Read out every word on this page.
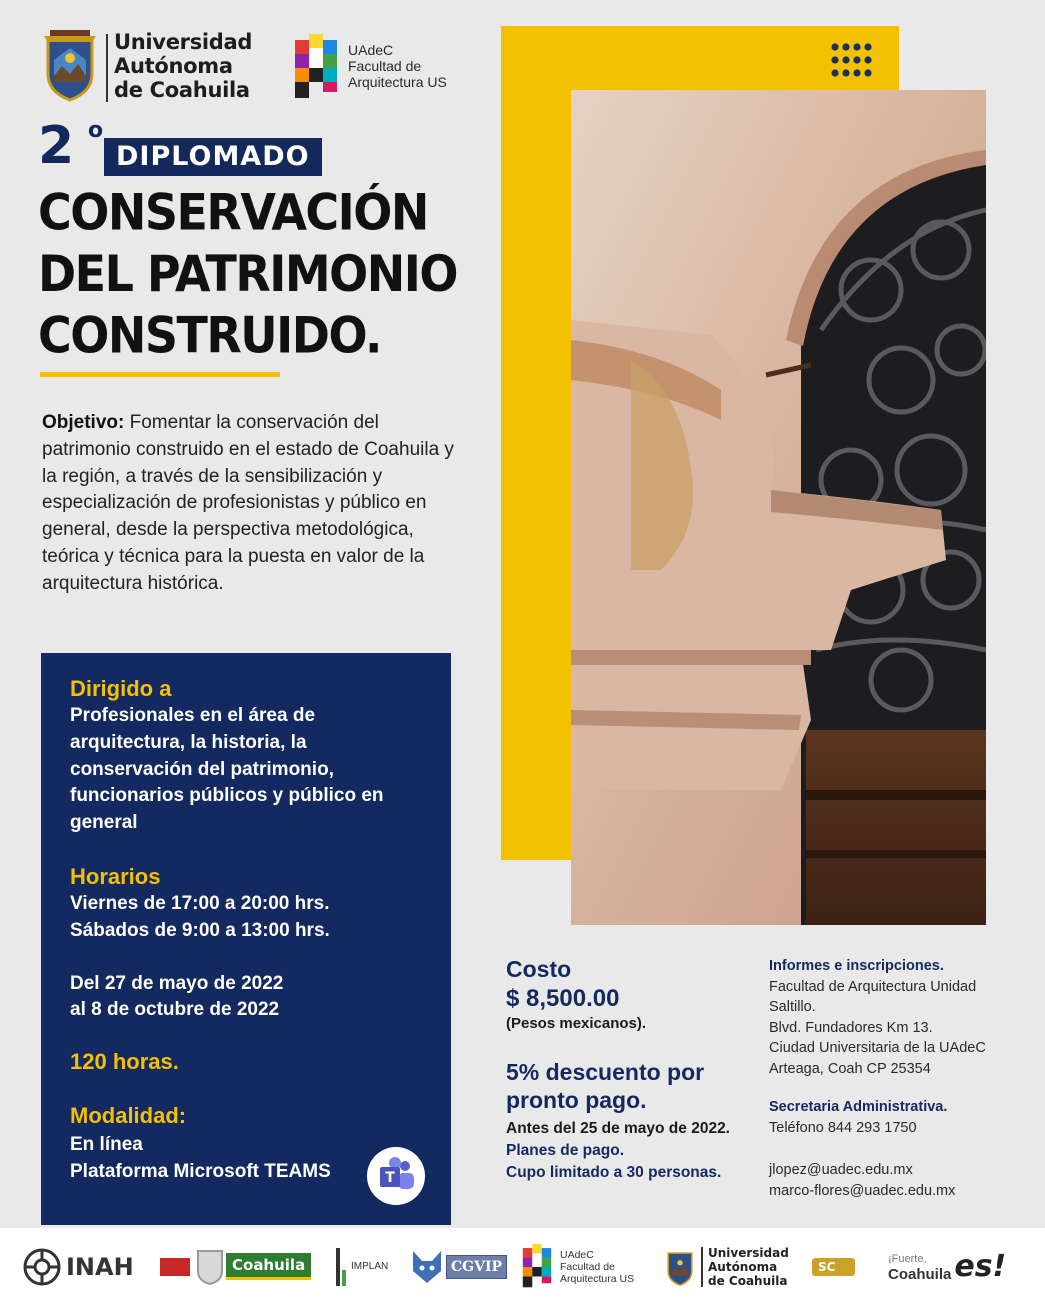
Universidad
Autónoma
de Coahuila
UAdeC
Facultad de
Arquitectura US
2 o
DIPLOMADO
CONSERVACIÓN
DEL PATRIMONIO
CONSTRUIDO.
Objetivo: Fomentar la conservación del patrimonio construido en el estado de Coahuila y la región, a través de la sensibilización y especialización de profesionistas y público en general, desde la perspectiva metodológica, teórica y técnica para la puesta en valor de la arquitectura histórica.
Dirigido a
Profesionales en el área de arquitectura, la historia, la conservación del patrimonio, funcionarios públicos y público en general
Horarios
Viernes de 17:00 a 20:00 hrs.
Sábados de 9:00 a 13:00 hrs.
Del 27 de mayo de 2022
al 8 de octubre de 2022
120 horas.
Modalidad:
En línea
Plataforma Microsoft TEAMS	T
Costo
$ 8,500.00
(Pesos mexicanos).
5% descuento por
pronto pago.
Antes del 25 de mayo de 2022.
Planes de pago.
Cupo limitado a 30 personas.
Informes e inscripciones.
Facultad de Arquitectura Unidad Saltillo.
Blvd. Fundadores Km 13.
Ciudad Universitaria de la UAdeC
Arteaga, Coah CP 25354
Secretaria Administrativa.
Teléfono 844 293 1750
jlopez@uadec.edu.mx
marco-flores@uadec.edu.mx
INAH	Coahuila	IMPLAN	CGVIP
UAdeC
Facultad de
Arquitectura US
Universidad
Autónoma
de Coahuila
SC
¡Fuerte,
Coahuila es!
